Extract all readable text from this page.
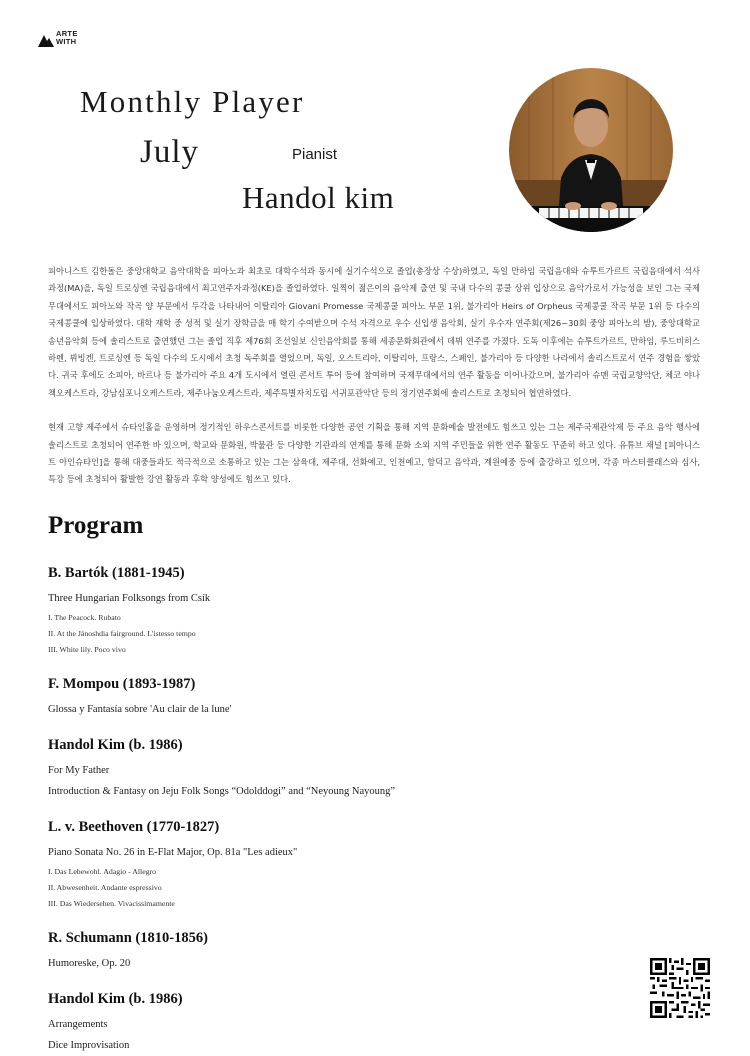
ARTE
WITH
Monthly Player
July	Pianist
Handol kim

피아니스트 김한돌은 중앙대학교 음악대학을 피아노과 최초로 대학수석과 동시에 실기수석으로 졸업(총장상 수상)하였고, 독일 만하임 국립음대와 슈투트가르트 국립음대에서 석사과정(MA)을, 독일 트로싱엔 국립음대에서 최고연주자과정(KE)을 졸업하였다. 일찍이 젊은이의 음악제 출연 및 국내 다수의 콩쿨 상위 입상으로 음악가로서 가능성을 보인 그는 국제 무대에서도 피아노와 작곡 양 부문에서 두각을 나타내어 이탈리아 Giovani Promesse 국제콩쿨 피아노 부문 1위, 불가리아 Heirs of Orpheus 국제콩쿨 작곡 부문 1위 등 다수의 국제콩쿨에 입상하였다. 대학 재학 중 성적 및 실기 장학금을 매 학기 수여받으며 수석 자격으로 우수 신입생 음악회, 실기 우수자 연주회(제26~30회 중앙 피아노의 밤), 중앙대학교 송년음악회 등에 솔리스트로 출연했던 그는 졸업 직후 제76회 조선일보 신인음악회를 통해 세종문화회관에서 데뷔 연주를 가졌다. 도독 이후에는 슈투트가르트, 만하임, 루드비히스하펜, 뷔빙겐, 트로싱엔 등 독일 다수의 도시에서 초청 독주회를 열었으며, 독일, 오스트리아, 이탈리아, 프랑스, 스페인, 불가리아 등 다양한 나라에서 솔리스트로서 연주 경험을 쌓았다. 귀국 후에도 소피아, 바르나 등 불가리아 주요 4개 도시에서 열린 콘서트 투어 등에 참여하며 국제무대에서의 연주 활동을 이어나갔으며, 불가리아 슈멘 국립교향악단, 체코 야나첵오케스트라, 강남심포니오케스트라, 제주나눔오케스트라, 제주특별자치도립 서귀포관악단 등의 정기연주회에 솔리스트로 초청되어 협연하였다.

현재 고향 제주에서 슈타인홀을 운영하며 정기적인 하우스콘서트를 비롯한 다양한 공연 기획을 통해 지역 문화예술 발전에도 힘쓰고 있는 그는 제주국제관악제 등 주요 음악 행사에 솔리스트로 초청되어 연주한 바 있으며, 학교와 문화원, 박물관 등 다양한 기관과의 연계를 통해 문화 소외 지역 주민들을 위한 연주 활동도 꾸준히 하고 있다. 유튜브 채널 [피아니스트 아인슈타인]을 통해 대중들과도 적극적으로 소통하고 있는 그는 삼육대, 제주대, 선화예고, 인천예고, 함덕고 음악과, 계원예중 등에 출강하고 있으며, 각종 마스터클래스와 심사, 특강 등에 초청되어 활발한 강연 활동과 후학 양성에도 힘쓰고 있다.

Program
B. Bartók (1881-1945)
Three Hungarian Folksongs from Csík
I. The Peacock. Rubato
II. At the Jánoshdia fairground. L'istesso tempo
III. White lily. Poco vivo
F. Mompou (1893-1987)
Glossa y Fantasía sobre 'Au clair de la lune'
Handol Kim (b. 1986)
For My Father
Introduction & Fantasy on Jeju Folk Songs “Odolddogi” and “Neyoung Nayoung”
L. v. Beethoven (1770-1827)
Piano Sonata No. 26 in E-Flat Major, Op. 81a "Les adieux"
I. Das Lebewohl. Adagio - Allegro
II. Abwesenheit. Andante espressivo
III. Das Wiedersehen. Vivacissimamente
R. Schumann (1810-1856)
Humoreske, Op. 20
Handol Kim (b. 1986)
Arrangements
Dice Improvisation
